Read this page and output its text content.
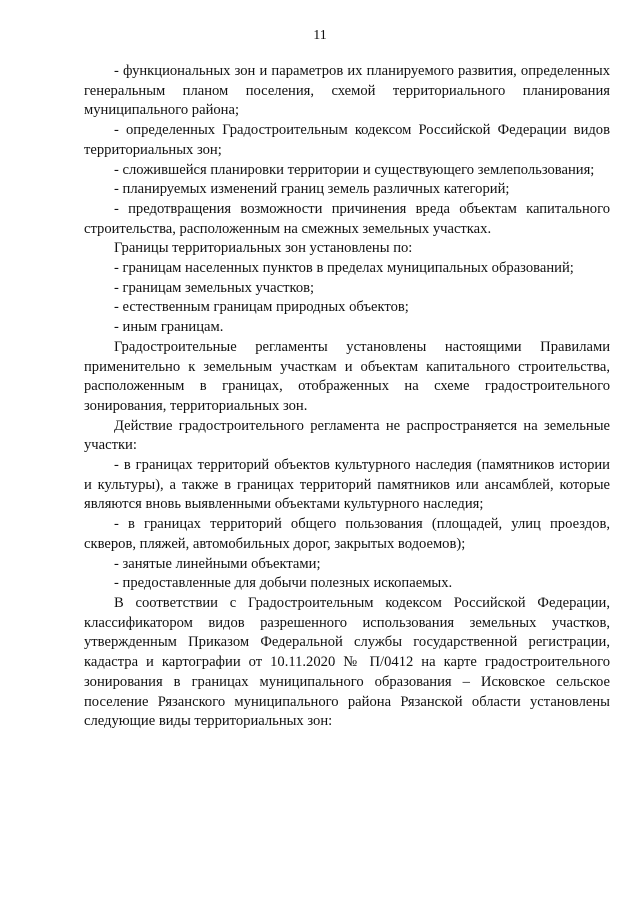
11

- функциональных зон и параметров их планируемого развития, определенных генеральным планом поселения, схемой территориального планирования муниципального района;

- определенных Градостроительным кодексом Российской Федерации видов территориальных зон;

- сложившейся планировки территории и существующего землепользования;

- планируемых изменений границ земель различных категорий;

- предотвращения возможности причинения вреда объектам капитального строительства, расположенным на смежных земельных участках.

Границы территориальных зон установлены по:

- границам населенных пунктов в пределах муниципальных образований;

- границам земельных участков;

- естественным границам природных объектов;

- иным границам.

Градостроительные регламенты установлены настоящими Правилами применительно к земельным участкам и объектам капитального строительства, расположенным в границах, отображенных на схеме градостроительного зонирования, территориальных зон.

Действие градостроительного регламента не распространяется на земельные участки:

- в границах территорий объектов культурного наследия (памятников истории и культуры), а также в границах территорий памятников или ансамблей, которые являются вновь выявленными объектами культурного наследия;

- в границах территорий общего пользования (площадей, улиц проездов, скверов, пляжей, автомобильных дорог, закрытых водоемов);

- занятые линейными объектами;

- предоставленные для добычи полезных ископаемых.

В соответствии с Градостроительным кодексом Российской Федерации, классификатором видов разрешенного использования земельных участков, утвержденным Приказом Федеральной службы государственной регистрации, кадастра и картографии от 10.11.2020 № П/0412 на карте градостроительного зонирования в границах муниципального образования – Исковское сельское поселение Рязанского муниципального района Рязанской области установлены следующие виды территориальных зон:
